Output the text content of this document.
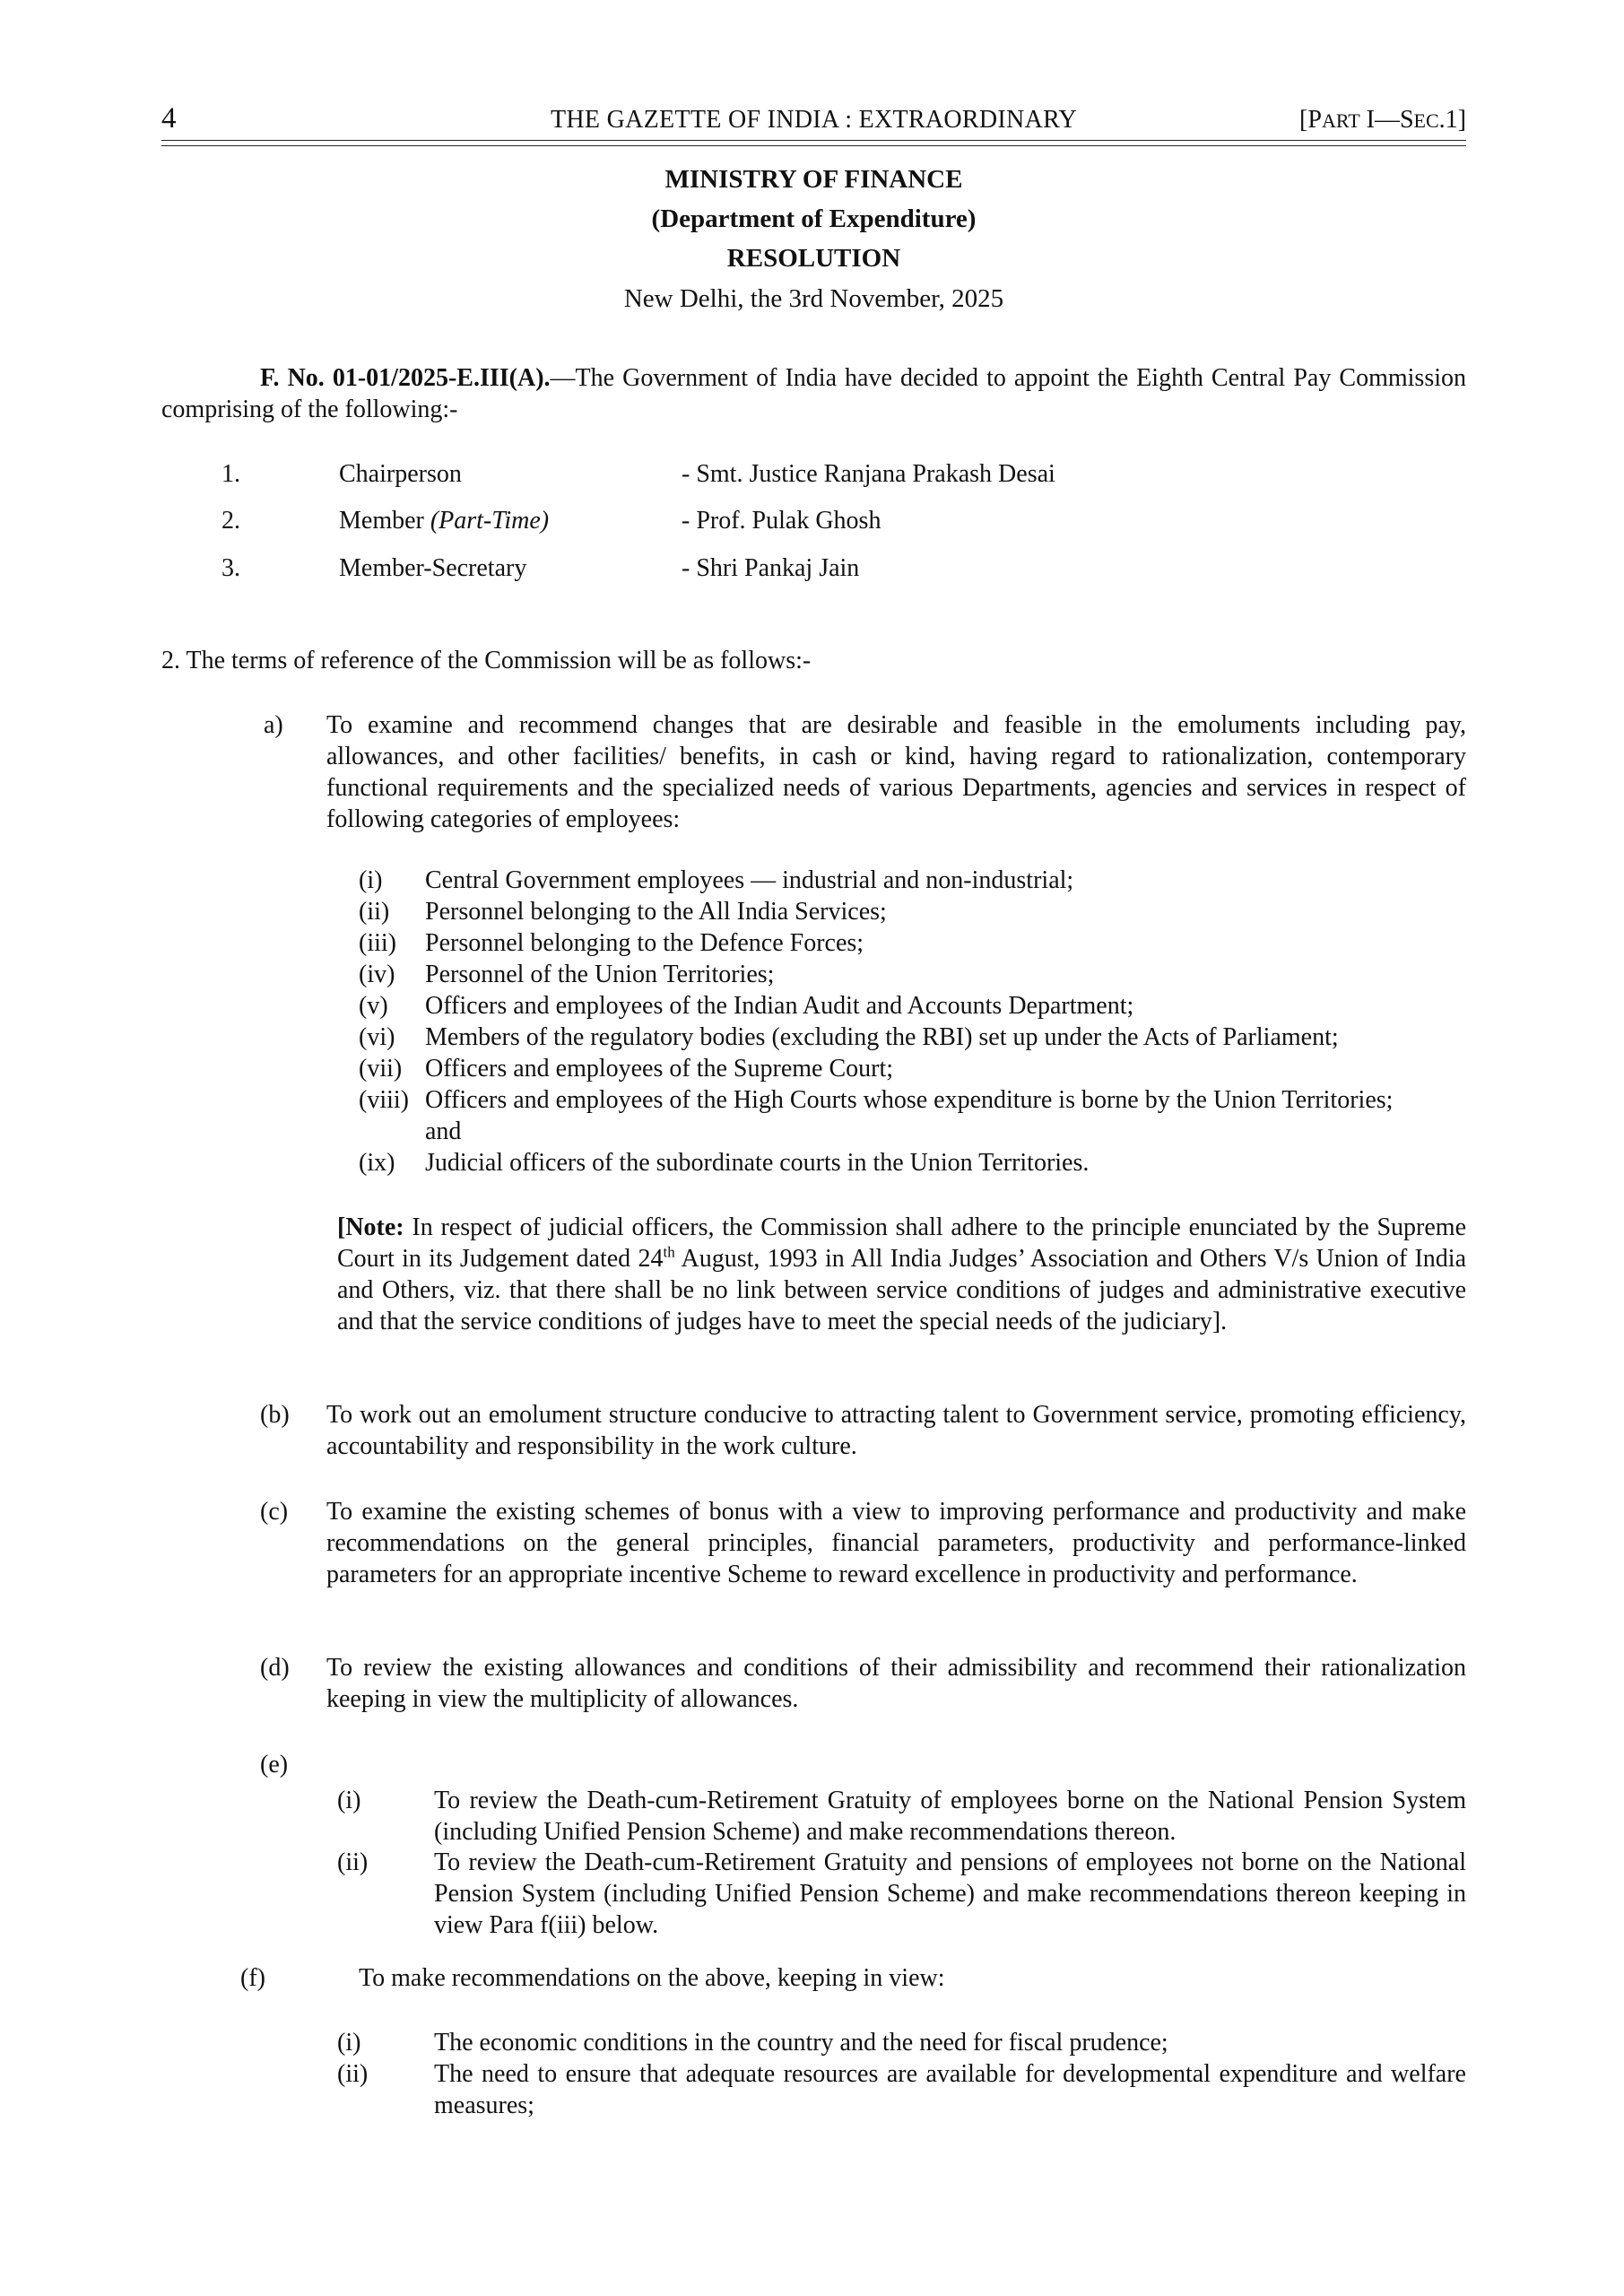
4	THE GAZETTE OF INDIA : EXTRAORDINARY	[PART I—SEC.1]
MINISTRY OF FINANCE
(Department of Expenditure)
RESOLUTION
New Delhi, the 3rd November, 2025
F. No. 01-01/2025-E.III(A).—The Government of India have decided to appoint the Eighth Central Pay Commission comprising of the following:-
1.	Chairperson	- Smt. Justice Ranjana Prakash Desai
2.	Member (Part-Time)	- Prof. Pulak Ghosh
3.	Member-Secretary	- Shri Pankaj Jain
2. The terms of reference of the Commission will be as follows:-
a) To examine and recommend changes that are desirable and feasible in the emoluments including pay, allowances, and other facilities/ benefits, in cash or kind, having regard to rationalization, contemporary functional requirements and the specialized needs of various Departments, agencies and services in respect of following categories of employees:
(i) Central Government employees — industrial and non-industrial;
(ii) Personnel belonging to the All India Services;
(iii) Personnel belonging to the Defence Forces;
(iv) Personnel of the Union Territories;
(v) Officers and employees of the Indian Audit and Accounts Department;
(vi) Members of the regulatory bodies (excluding the RBI) set up under the Acts of Parliament;
(vii) Officers and employees of the Supreme Court;
(viii) Officers and employees of the High Courts whose expenditure is borne by the Union Territories;
and
(ix) Judicial officers of the subordinate courts in the Union Territories.
[Note: In respect of judicial officers, the Commission shall adhere to the principle enunciated by the Supreme Court in its Judgement dated 24th August, 1993 in All India Judges’ Association and Others V/s Union of India and Others, viz. that there shall be no link between service conditions of judges and administrative executive and that the service conditions of judges have to meet the special needs of the judiciary].
(b) To work out an emolument structure conducive to attracting talent to Government service, promoting efficiency, accountability and responsibility in the work culture.
(c) To examine the existing schemes of bonus with a view to improving performance and productivity and make recommendations on the general principles, financial parameters, productivity and performance-linked parameters for an appropriate incentive Scheme to reward excellence in productivity and performance.
(d) To review the existing allowances and conditions of their admissibility and recommend their rationalization keeping in view the multiplicity of allowances.
(e)
(i)	To review the Death-cum-Retirement Gratuity of employees borne on the National Pension System (including Unified Pension Scheme) and make recommendations thereon.
(ii)	To review the Death-cum-Retirement Gratuity and pensions of employees not borne on the National Pension System (including Unified Pension Scheme) and make recommendations thereon keeping in view Para f(iii) below.
(f)	To make recommendations on the above, keeping in view:
(i)	The economic conditions in the country and the need for fiscal prudence;
(ii)	The need to ensure that adequate resources are available for developmental expenditure and welfare measures;
